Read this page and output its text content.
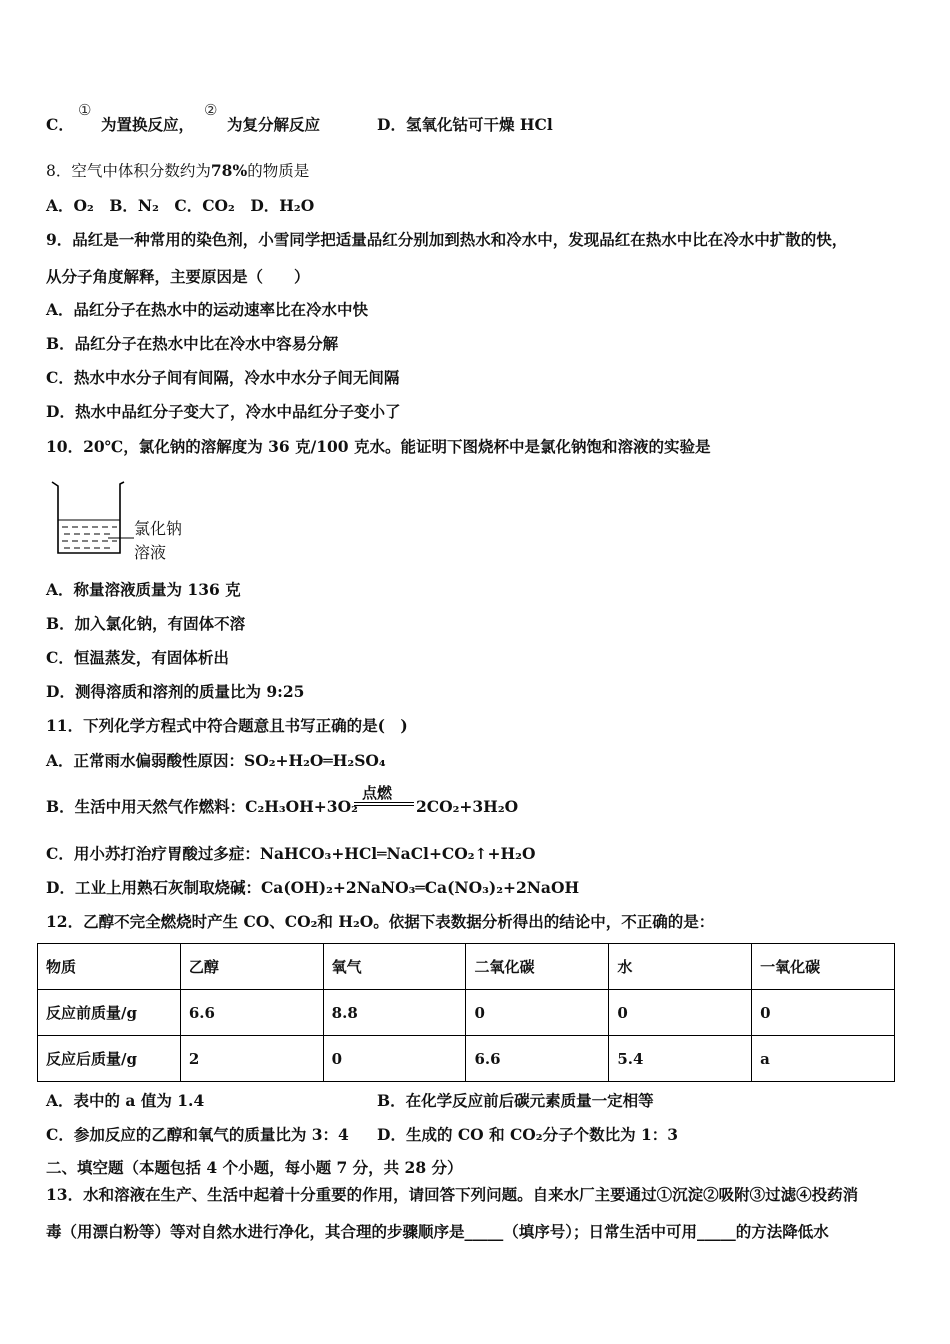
C．
①
为置换反应，
②
为复分解反应	D．氢氧化钴可干燥 HCl
8．空气中体积分数约为78%的物质是
A．O₂　B．N₂　C．CO₂　D．H₂O
9．品红是一种常用的染色剂，小雪同学把适量品红分别加到热水和冷水中，发现品红在热水中比在冷水中扩散的快，
从分子角度解释，主要原因是（　　）
A．品红分子在热水中的运动速率比在冷水中快
B．品红分子在热水中比在冷水中容易分解
C．热水中水分子间有间隔，冷水中水分子间无间隔
D．热水中品红分子变大了，冷水中品红分子变小了
10．20℃，氯化钠的溶解度为 36 克/100 克水。能证明下图烧杯中是氯化钠饱和溶液的实验是
氯化钠
溶液
A．称量溶液质量为 136 克
B．加入氯化钠，有固体不溶
C．恒温蒸发，有固体析出
D．测得溶质和溶剂的质量比为 9:25
11．下列化学方程式中符合题意且书写正确的是(　)
A．正常雨水偏弱酸性原因：SO₂+H₂O═H₂SO₄
B．生活中用天然气作燃料：C₂H₃OH+3O₂
点燃
2CO₂+3H₂O
C．用小苏打治疗胃酸过多症：NaHCO₃+HCl═NaCl+CO₂↑+H₂O
D．工业上用熟石灰制取烧碱：Ca(OH)₂+2NaNO₃═Ca(NO₃)₂+2NaOH
12．乙醇不完全燃烧时产生 CO、CO₂和 H₂O。依据下表数据分析得出的结论中，不正确的是：
物质	乙醇	氧气	二氧化碳	水	一氧化碳
反应前质量/g	6.6	8.8	0	0	0
反应后质量/g	2	0	6.6	5.4	a
A．表中的 a 值为 1.4	B．在化学反应前后碳元素质量一定相等
C．参加反应的乙醇和氧气的质量比为 3：4 D．生成的 CO 和 CO₂分子个数比为 1：3
二、填空题（本题包括 4 个小题，每小题 7 分，共 28 分）
13．水和溶液在生产、生活中起着十分重要的作用，请回答下列问题。自来水厂主要通过①沉淀②吸附③过滤④投药消
毒（用漂白粉等）等对自然水进行净化，其合理的步骤顺序是_____（填序号）；日常生活中可用_____的方法降低水
